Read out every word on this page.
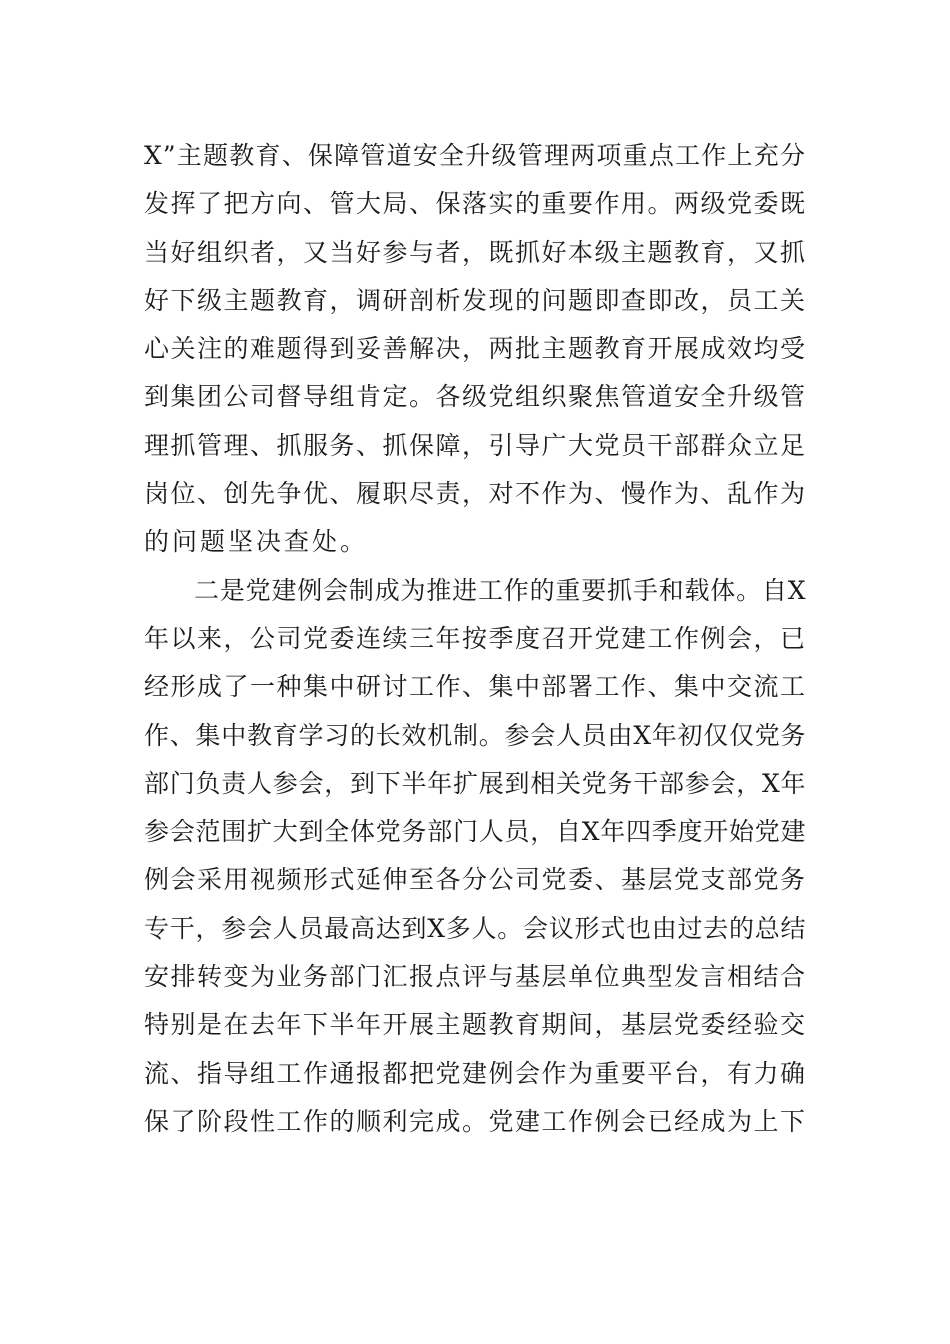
X”主题教育、保障管道安全升级管理两项重点工作上充分
发挥了把方向、管大局、保落实的重要作用。两级党委既
当好组织者，又当好参与者，既抓好本级主题教育，又抓
好下级主题教育，调研剖析发现的问题即查即改，员工关
心关注的难题得到妥善解决，两批主题教育开展成效均受
到集团公司督导组肯定。各级党组织聚焦管道安全升级管
理抓管理、抓服务、抓保障，引导广大党员干部群众立足
岗位、创先争优、履职尽责，对不作为、慢作为、乱作为
的问题坚决查处。
二是党建例会制成为推进工作的重要抓手和载体。自X
年以来，公司党委连续三年按季度召开党建工作例会，已
经形成了一种集中研讨工作、集中部署工作、集中交流工
作、集中教育学习的长效机制。参会人员由X年初仅仅党务
部门负责人参会，到下半年扩展到相关党务干部参会，X年
参会范围扩大到全体党务部门人员，自X年四季度开始党建
例会采用视频形式延伸至各分公司党委、基层党支部党务
专干，参会人员最高达到X多人。会议形式也由过去的总结
安排转变为业务部门汇报点评与基层单位典型发言相结合
特别是在去年下半年开展主题教育期间，基层党委经验交
流、指导组工作通报都把党建例会作为重要平台，有力确
保了阶段性工作的顺利完成。党建工作例会已经成为上下
